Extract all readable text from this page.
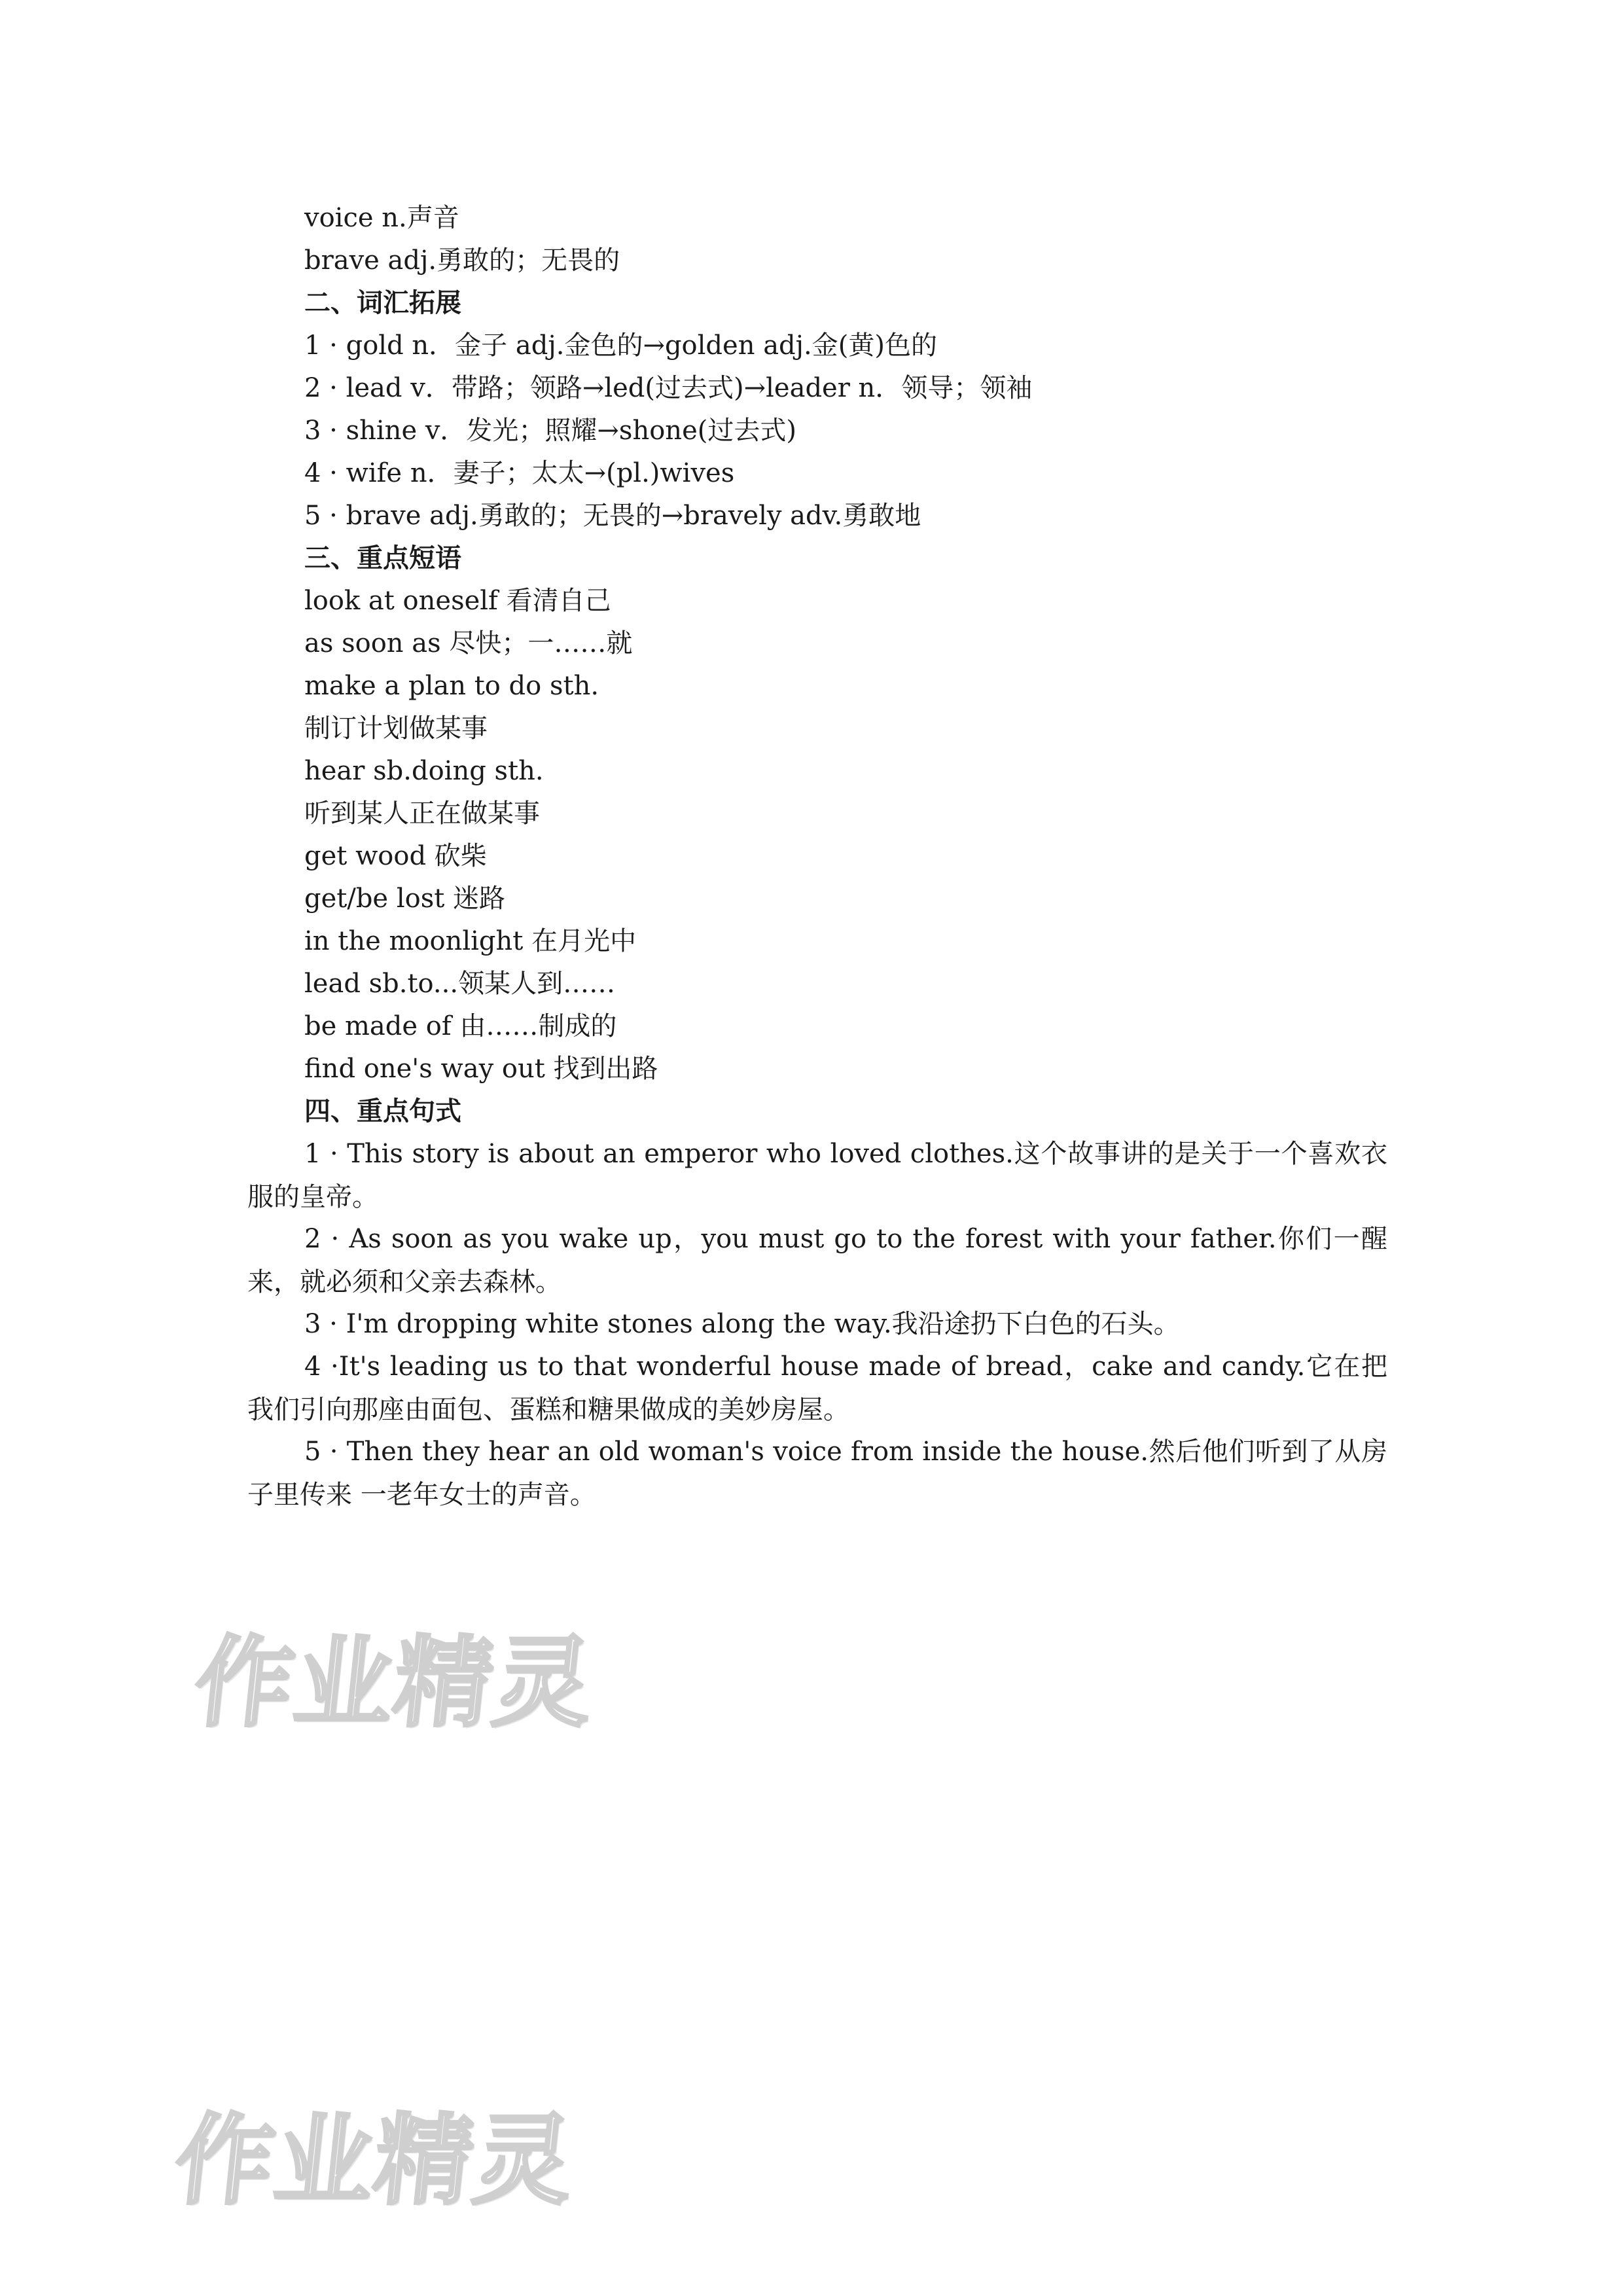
voice n.声音
brave adj.勇敢的；无畏的
二、词汇拓展
1 · gold n．金子 adj.金色的→golden adj.金(黄)色的
2 · lead v．带路；领路→led(过去式)→leader n．领导；领袖
3 · shine v．发光；照耀→shone(过去式)
4 · wife n．妻子；太太→(pl.)wives
5 · brave adj.勇敢的；无畏的→bravely adv.勇敢地
三、重点短语
look at oneself 看清自己
as soon as 尽快；一……就
make a plan to do sth.
制订计划做某事
hear sb.doing sth.
听到某人正在做某事
get wood 砍柴
get/be lost 迷路
in the moonlight 在月光中
lead sb.to...领某人到……
be made of 由……制成的
find one's way out 找到出路
四、重点句式
1 · This story is about an emperor who loved clothes.这个故事讲的是关于一个喜欢衣服的皇帝。
2 · As soon as you wake up，you must go to the forest with your father.你们一醒来，就必须和父亲去森林。
3 · I'm dropping white stones along the way.我沿途扔下白色的石头。
4 ·It's leading us to that wonderful house made of bread，cake and candy.它在把我们引向那座由面包、蛋糕和糖果做成的美妙房屋。
5 · Then they hear an old woman's voice from inside the house.然后他们听到了从房子里传来 一老年女士的声音。
作业精灵
作业精灵
